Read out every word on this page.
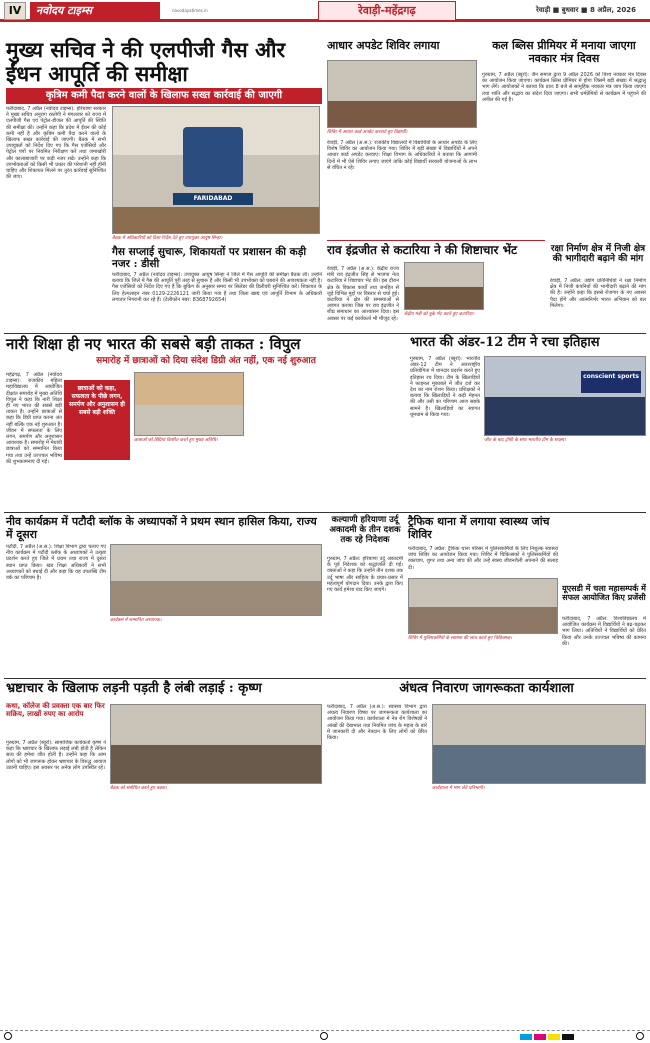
IV	नवोदय टाइम्स	navodayatimes.in	रेवाड़ी-महेंद्रगढ़	रेवाड़ी ■ बुधवार ■ 8 अप्रैल, 2026
मुख्य सचिव ने की एलपीजी गैस और ईंधन आपूर्ति की समीक्षा
कृत्रिम कमी पैदा करने वालों के खिलाफ सख्त कार्रवाई की जाएगी
फरीदाबाद, 7 अप्रैल (नवोदय टाइम्स): हरियाणा सरकार ने मुख्य सचिव अनुराग रस्तोगी ने मंगलवार को राज्य में एलपीजी गैस एवं पेट्रोल-डीजल की आपूर्ति की स्थिति की समीक्षा की। उन्होंने कहा कि प्रदेश में ईंधन की कोई कमी नहीं है और कृत्रिम कमी पैदा करने वालों के खिलाफ सख्त कार्रवाई की जाएगी। बैठक में सभी उपायुक्तों को निर्देश दिए गए कि गैस एजेंसियों और पेट्रोल पंपों पर नियमित निरीक्षण करें तथा जमाखोरी और कालाबाजारी पर कड़ी नजर रखें। उन्होंने कहा कि उपभोक्ताओं को किसी भी प्रकार की परेशानी नहीं होनी चाहिए और शिकायत मिलने पर तुरंत कार्रवाई सुनिश्चित की जाए।
FARIDABAD
बैठक में अधिकारियों को दिशा निर्देश देते हुए उपायुक्त आयुष सिन्हा।
गैस सप्लाई सुचारू, शिकायतों पर प्रशासन की कड़ी नजर : डीसी
फरीदाबाद, 7 अप्रैल (नवोदय टाइम्स): उपायुक्त आयुष सिन्हा ने जिले में गैस आपूर्ति की समीक्षा बैठक ली। उन्होंने बताया कि जिले में गैस की आपूर्ति पूरी तरह से सुचारू है और किसी भी उपभोक्ता को घबराने की आवश्यकता नहीं है। गैस एजेंसियों को निर्देश दिए गए हैं कि बुकिंग के अनुसार समय पर सिलेंडर की डिलीवरी सुनिश्चित करें। शिकायत के लिए हेल्पलाइन नंबर 0129-2226121 जारी किया गया है तथा जिला खाद्य एवं आपूर्ति विभाग के अधिकारी लगातार निगरानी कर रहे हैं। (टेलीफोन नंबर: 8368792654)
आधार अपडेट शिविर लगाया
शिविर में आधार कार्ड अपडेट करवाते हुए विद्यार्थी।
रेवाड़ी, 7 अप्रैल (अ.स.): राजकीय विद्यालयों में विद्यार्थियों के आधार अपडेट के लिए विशेष शिविर का आयोजन किया गया। शिविर में बड़ी संख्या में विद्यार्थियों ने अपने आधार कार्ड अपडेट करवाए। शिक्षा विभाग के अधिकारियों ने बताया कि आगामी दिनों में भी ऐसे शिविर लगाए जाएंगे ताकि कोई विद्यार्थी सरकारी योजनाओं के लाभ से वंचित न रहे।
कल ब्लिस प्रीमियर में मनाया जाएगा नवकार मंत्र दिवस
गुरुग्राम, 7 अप्रैल (ब्यूरो): जैन समाज द्वारा 9 अप्रैल 2026 को विश्व नवकार मंत्र दिवस का आयोजन किया जाएगा। कार्यक्रम ब्लिस प्रीमियर में होगा जिसमें बड़ी संख्या में श्रद्धालु भाग लेंगे। आयोजकों ने बताया कि प्रातः 8 बजे से सामूहिक नवकार मंत्र जाप किया जाएगा तथा शांति और सद्भाव का संदेश दिया जाएगा। सभी धर्मप्रेमियों से कार्यक्रम में पहुंचने की अपील की गई है।
राव इंद्रजीत से कटारिया ने की शिष्टाचार भेंट
रेवाड़ी, 7 अप्रैल (अ.स.): केंद्रीय राज्य मंत्री राव इंद्रजीत सिंह से भाजपा नेता कटारिया ने शिष्टाचार भेंट की। इस दौरान क्षेत्र के विकास कार्यों तथा जनहित से जुड़े विभिन्न मुद्दों पर विस्तार से चर्चा हुई। कटारिया ने क्षेत्र की समस्याओं से अवगत कराया जिस पर राव इंद्रजीत ने शीघ्र समाधान का आश्वासन दिया। इस अवसर पर कई कार्यकर्ता भी मौजूद रहे।
केंद्रीय मंत्री को बुके भेंट करते हुए कटारिया।
रक्षा निर्माण क्षेत्र में निजी क्षेत्र की भागीदारी बढ़ाने की मांग
रेवाड़ी, 7 अप्रैल: उद्योग प्रतिनिधियों ने रक्षा निर्माण क्षेत्र में निजी कंपनियों की भागीदारी बढ़ाने की मांग की है। उन्होंने कहा कि इससे रोजगार के नए अवसर पैदा होंगे और आत्मनिर्भर भारत अभियान को बल मिलेगा।
नारी शिक्षा ही नए भारत की सबसे बड़ी ताकत : विपुल
समारोह में छात्राओं को दिया संदेश डिग्री अंत नहीं, एक नई शुरुआत
महेंद्रगढ़, 7 अप्रैल (नवोदय टाइम्स): राजकीय महिला महाविद्यालय में आयोजित दीक्षांत समारोह में मुख्य अतिथि विपुल ने कहा कि नारी शिक्षा ही नए भारत की सबसे बड़ी ताकत है। उन्होंने छात्राओं से कहा कि डिग्री प्राप्त करना अंत नहीं बल्कि एक नई शुरुआत है। जीवन में सफलता के लिए लगन, समर्पण और अनुशासन आवश्यक है। समारोह में मेधावी छात्राओं को सम्मानित किया गया तथा उन्हें उज्ज्वल भविष्य की शुभकामनाएं दी गईं।
छात्राओं को कहा, सफलता के पीछे लगन, समर्पण और अनुशासन ही सबसे बड़ी शक्ति
छात्राओं को डिग्रियां वितरित करते हुए मुख्य अतिथि।
भारत की अंडर-12 टीम ने रचा इतिहास
गुरुग्राम, 7 अप्रैल (ब्यूरो): भारतीय अंडर-12 टीम ने अंतरराष्ट्रीय प्रतियोगिता में शानदार प्रदर्शन करते हुए इतिहास रच दिया। टीम के खिलाड़ियों ने फाइनल मुकाबले में जीत दर्ज कर देश का नाम रोशन किया। प्रशिक्षकों ने बताया कि खिलाड़ियों ने कड़ी मेहनत की और उसी का परिणाम आज सबके सामने है। खिलाड़ियों का स्वागत धूमधाम से किया गया।
conscient sports
जीत के बाद ट्रॉफी के साथ भारतीय टीम के सदस्य।
नीव कार्यक्रम में पटौदी ब्लॉक के अध्यापकों ने प्रथम स्थान हासिल किया, राज्य में दूसरा
पटौदी, 7 अप्रैल (अ.स.): शिक्षा विभाग द्वारा चलाए गए नीव कार्यक्रम में पटौदी ब्लॉक के अध्यापकों ने उत्कृष्ट प्रदर्शन करते हुए जिले में प्रथम तथा राज्य में दूसरा स्थान प्राप्त किया। खंड शिक्षा अधिकारी ने सभी अध्यापकों को बधाई दी और कहा कि यह उपलब्धि टीम वर्क का परिणाम है।
कार्यक्रम में सम्मानित अध्यापक।
कल्याणी हरियाणा उर्दू अकादमी के तीन दशक तक रहे निदेशक
गुरुग्राम, 7 अप्रैल: हरियाणा उर्दू अकादमी के पूर्व निदेशक को श्रद्धांजलि दी गई। वक्ताओं ने कहा कि उन्होंने तीन दशक तक उर्दू भाषा और साहित्य के प्रचार-प्रसार में महत्वपूर्ण योगदान दिया। उनके द्वारा किए गए कार्य हमेशा याद किए जाएंगे।
ट्रैफिक थाना में लगाया स्वास्थ्य जांच शिविर
फरीदाबाद, 7 अप्रैल: ट्रैफिक थाना परिसर में पुलिसकर्मियों के लिए निशुल्क स्वास्थ्य जांच शिविर का आयोजन किया गया। शिविर में चिकित्सकों ने पुलिसकर्मियों की रक्तचाप, शुगर तथा अन्य जांच की और उन्हें स्वस्थ जीवनशैली अपनाने की सलाह दी।
शिविर में पुलिसकर्मियों के स्वास्थ्य की जांच करते हुए चिकित्सक।
यूएसडी में चला महासम्पर्क में सफल आयोजित किए प्रजेंसी
फरीदाबाद, 7 अप्रैल: विश्वविद्यालय में आयोजित कार्यक्रम में विद्यार्थियों ने बढ़-चढ़कर भाग लिया। अतिथियों ने विद्यार्थियों को प्रेरित किया और उनके उज्ज्वल भविष्य की कामना की।
भ्रष्टाचार के खिलाफ लड़नी पड़ती है लंबी लड़ाई : कृष्ण
कथा, कॉलेज की प्रवक्ता एक बार फिर सक्रिय, लाखों रुपए का आरोप
गुरुग्राम, 7 अप्रैल (ब्यूरो): सामाजिक कार्यकर्ता कृष्ण ने कहा कि भ्रष्टाचार के खिलाफ लड़ाई लंबी होती है लेकिन सत्य की हमेशा जीत होती है। उन्होंने कहा कि आम लोगों को भी जागरूक होकर भ्रष्टाचार के विरुद्ध आवाज उठानी चाहिए। इस अवसर पर अनेक लोग उपस्थित रहे।
बैठक को संबोधित करते हुए वक्ता।
अंधत्व निवारण जागरूकता कार्यशाला
फरीदाबाद, 7 अप्रैल (अ.स.): स्वास्थ्य विभाग द्वारा अंधत्व निवारण विषय पर जागरूकता कार्यशाला का आयोजन किया गया। कार्यशाला में नेत्र रोग विशेषज्ञों ने आंखों की देखभाल तथा नियमित जांच के महत्व के बारे में जानकारी दी और नेत्रदान के लिए लोगों को प्रेरित किया।
कार्यशाला में भाग लेते प्रतिभागी।
